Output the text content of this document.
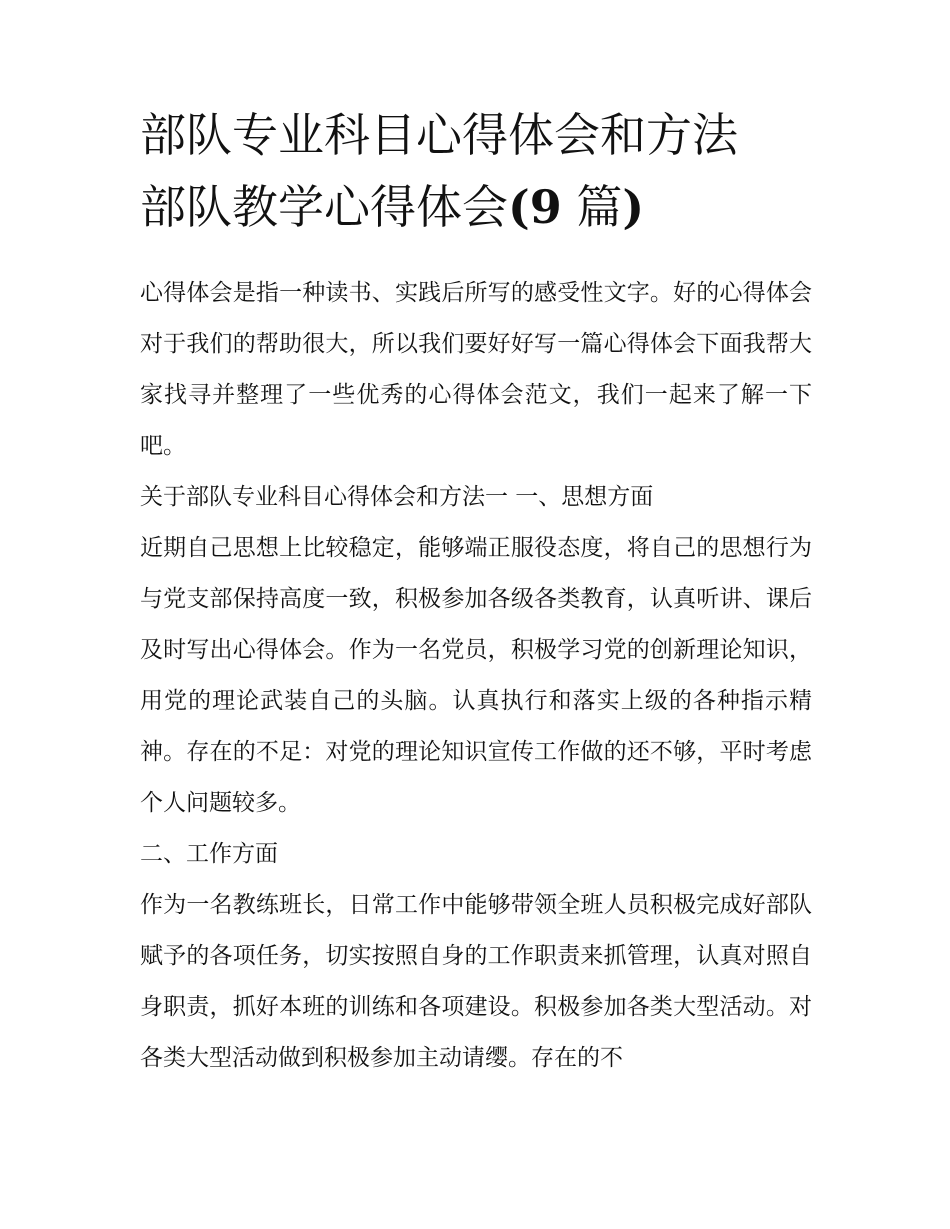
部队专业科目心得体会和方法
部队教学心得体会(9 篇)

心得体会是指一种读书、实践后所写的感受性文字。好的心得体会对于我们的帮助很大，所以我们要好好写一篇心得体会下面我帮大家找寻并整理了一些优秀的心得体会范文，我们一起来了解一下吧。

关于部队专业科目心得体会和方法一 一、思想方面

近期自己思想上比较稳定，能够端正服役态度，将自己的思想行为与党支部保持高度一致，积极参加各级各类教育，认真听讲、课后及时写出心得体会。作为一名党员，积极学习党的创新理论知识，用党的理论武装自己的头脑。认真执行和落实上级的各种指示精神。存在的不足：对党的理论知识宣传工作做的还不够，平时考虑个人问题较多。

二、工作方面

作为一名教练班长，日常工作中能够带领全班人员积极完成好部队赋予的各项任务，切实按照自身的工作职责来抓管理，认真对照自身职责，抓好本班的训练和各项建设。积极参加各类大型活动。对各类大型活动做到积极参加主动请缨。存在的不
